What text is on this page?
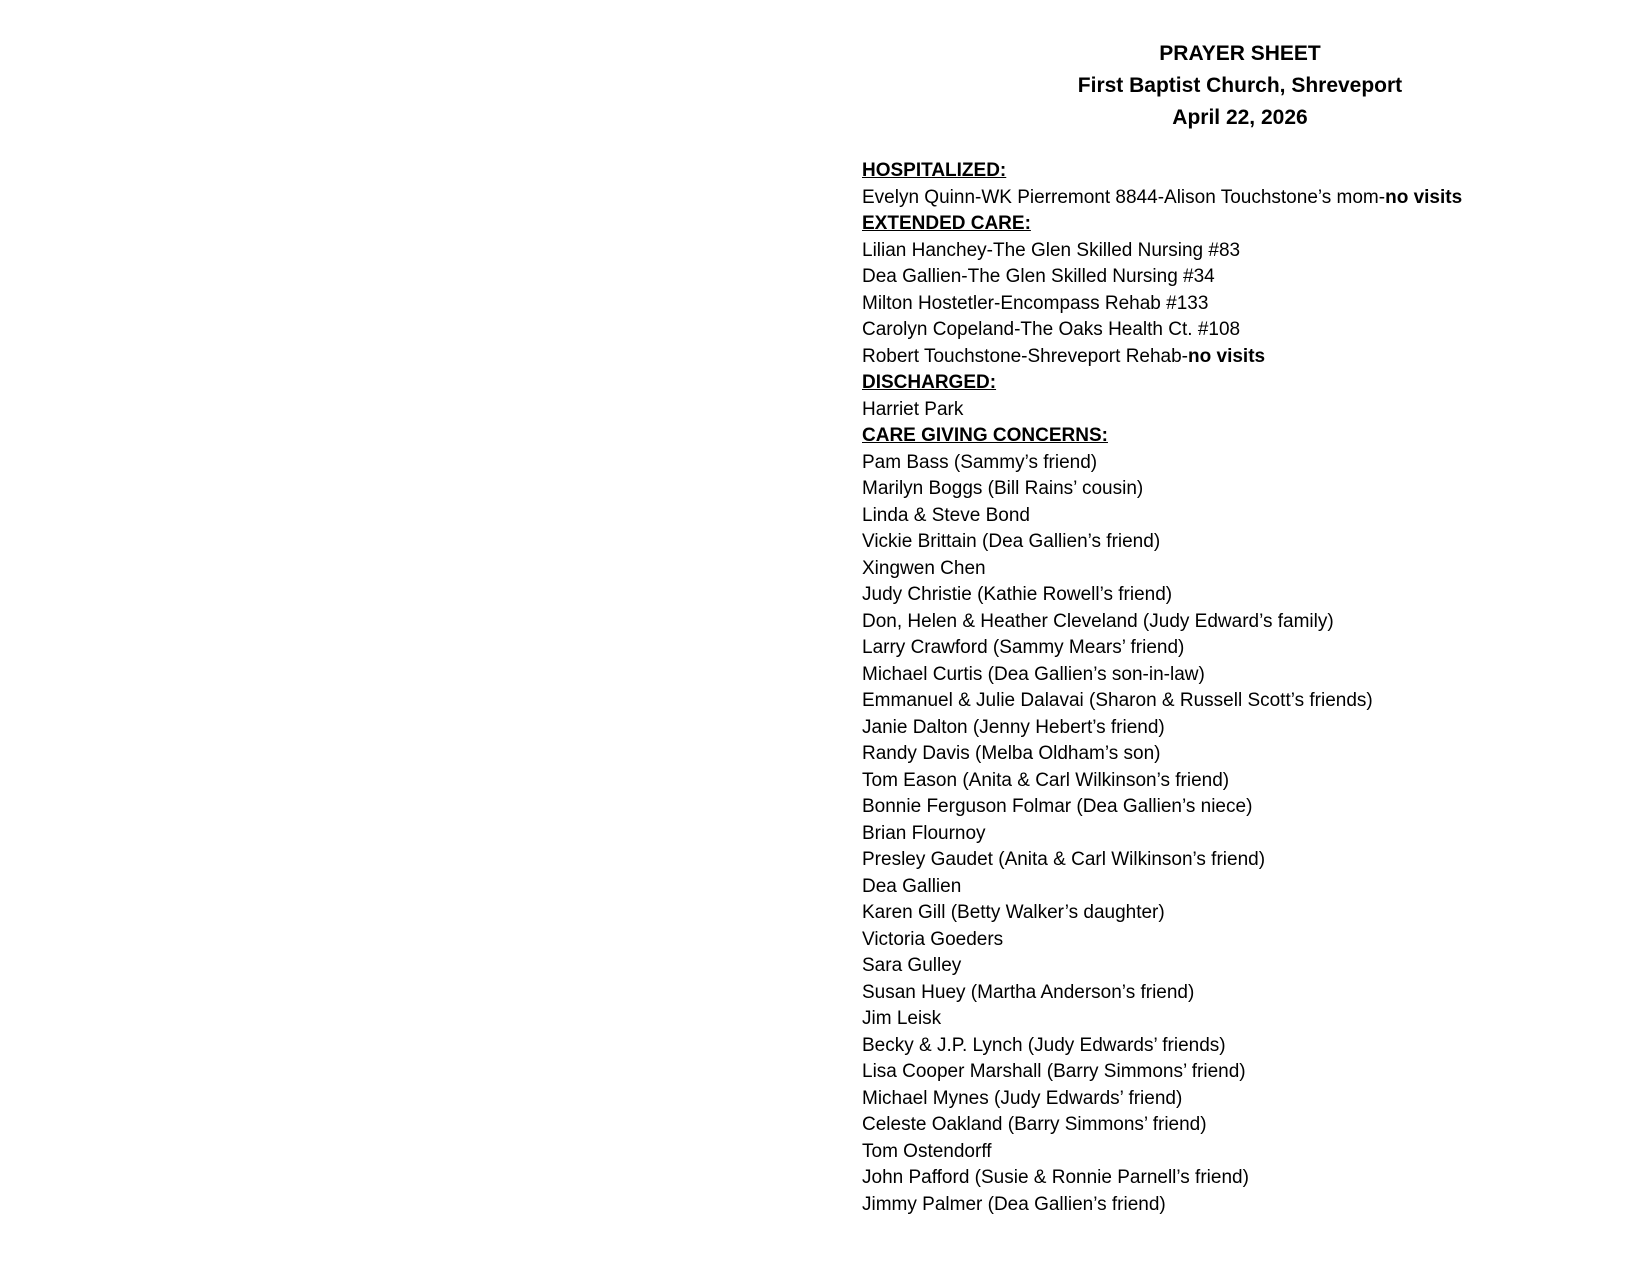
PRAYER SHEET
First Baptist Church, Shreveport
April 22, 2026
HOSPITALIZED:
Evelyn Quinn-WK Pierremont 8844-Alison Touchstone’s mom-no visits
EXTENDED CARE:
Lilian Hanchey-The Glen Skilled Nursing #83
Dea Gallien-The Glen Skilled Nursing #34
Milton Hostetler-Encompass Rehab #133
Carolyn Copeland-The Oaks Health Ct. #108
Robert Touchstone-Shreveport Rehab-no visits
DISCHARGED:
Harriet Park
CARE GIVING CONCERNS:
Pam Bass (Sammy’s friend)
Marilyn Boggs (Bill Rains’ cousin)
Linda & Steve Bond
Vickie Brittain (Dea Gallien’s friend)
Xingwen Chen
Judy Christie (Kathie Rowell’s friend)
Don, Helen & Heather Cleveland (Judy Edward’s family)
Larry Crawford (Sammy Mears’ friend)
Michael Curtis (Dea Gallien’s son-in-law)
Emmanuel & Julie Dalavai (Sharon & Russell Scott’s friends)
Janie Dalton (Jenny Hebert’s friend)
Randy Davis (Melba Oldham’s son)
Tom Eason (Anita & Carl Wilkinson’s friend)
Bonnie Ferguson Folmar (Dea Gallien’s niece)
Brian Flournoy
Presley Gaudet (Anita & Carl Wilkinson’s friend)
Dea Gallien
Karen Gill (Betty Walker’s daughter)
Victoria Goeders
Sara Gulley
Susan Huey (Martha Anderson’s friend)
Jim Leisk
Becky & J.P. Lynch (Judy Edwards’ friends)
Lisa Cooper Marshall (Barry Simmons’ friend)
Michael Mynes (Judy Edwards’ friend)
Celeste Oakland (Barry Simmons’ friend)
Tom Ostendorff
John Pafford (Susie & Ronnie Parnell’s friend)
Jimmy Palmer (Dea Gallien’s friend)
